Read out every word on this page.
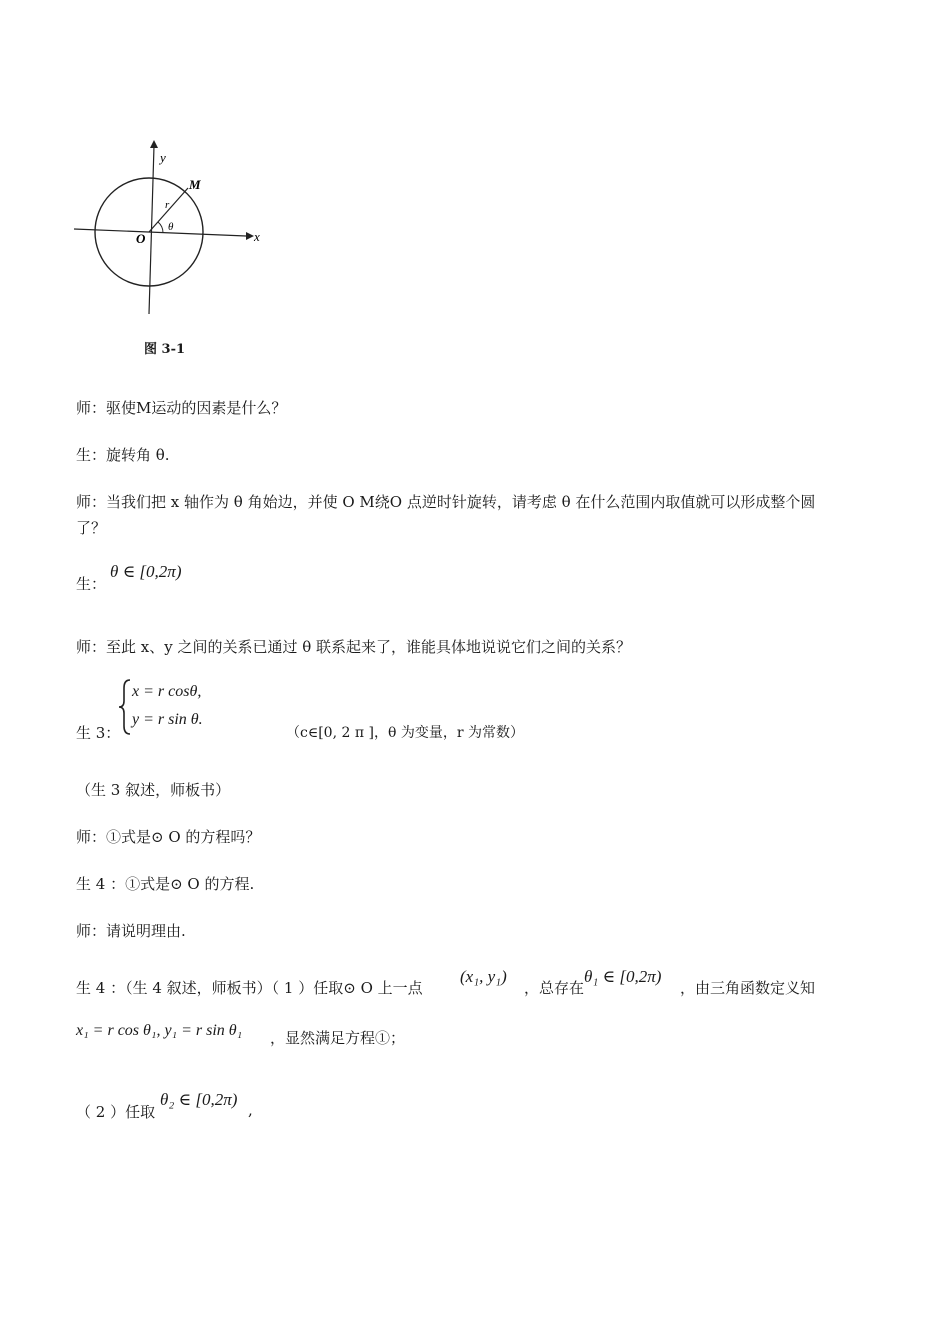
y
M
r
θ
O	x
图 3-1
师：驱使M运动的因素是什么？
生：旋转角 θ.
师：当我们把 x 轴作为 θ 角始边，并使 O M绕O 点逆时针旋转，请考虑 θ 在什么范围内取值就可以形成整个圆
了？
生：
θ ∈ [0,2π)
师：至此 x、y 之间的关系已通过 θ 联系起来了，谁能具体地说说它们之间的关系？
生 3：
x = r cosθ,
y = r sin θ.
（c∈[0, 2 π ]，θ 为变量，r 为常数）
（生 3 叙述，师板书）
师：①式是⊙ O 的方程吗？
生 4 ：①式是⊙ O 的方程.
师：请说明理由.
生 4 ：（生 4 叙述，师板书）（ 1 ）任取⊙ O 上一点
(x₁, y₁)
，总存在
θ₁ ∈ [0,2π)
，由三角函数定义知
x₁ = r cos θ₁, y₁ = r sin θ₁ ，显然满足方程①；
（ 2 ）任取
θ₂ ∈ [0,2π)
,
